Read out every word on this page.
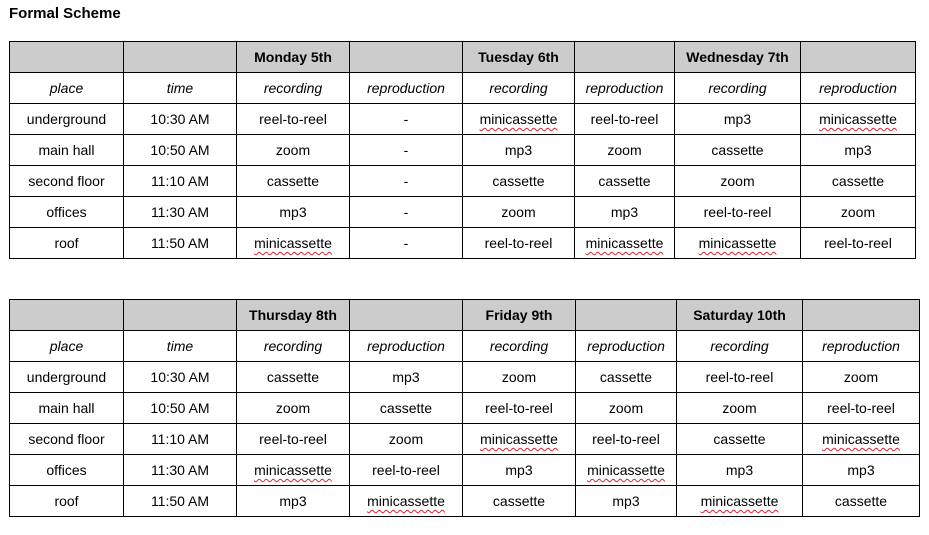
Formal Scheme
		Monday 5th		Tuesday 6th		Wednesday 7th	
place	time	recording	reproduction	recording	reproduction	recording	reproduction
underground	10:30 AM	reel-to-reel	-	minicassette	reel-to-reel	mp3	minicassette
main hall	10:50 AM	zoom	-	mp3	zoom	cassette	mp3
second floor	11:10 AM	cassette	-	cassette	cassette	zoom	cassette
offices	11:30 AM	mp3	-	zoom	mp3	reel-to-reel	zoom
roof	11:50 AM	minicassette	-	reel-to-reel	minicassette	minicassette	reel-to-reel
		Thursday 8th		Friday 9th		Saturday 10th	
place	time	recording	reproduction	recording	reproduction	recording	reproduction
underground	10:30 AM	cassette	mp3	zoom	cassette	reel-to-reel	zoom
main hall	10:50 AM	zoom	cassette	reel-to-reel	zoom	zoom	reel-to-reel
second floor	11:10 AM	reel-to-reel	zoom	minicassette	reel-to-reel	cassette	minicassette
offices	11:30 AM	minicassette	reel-to-reel	mp3	minicassette	mp3	mp3
roof	11:50 AM	mp3	minicassette	cassette	mp3	minicassette	cassette
